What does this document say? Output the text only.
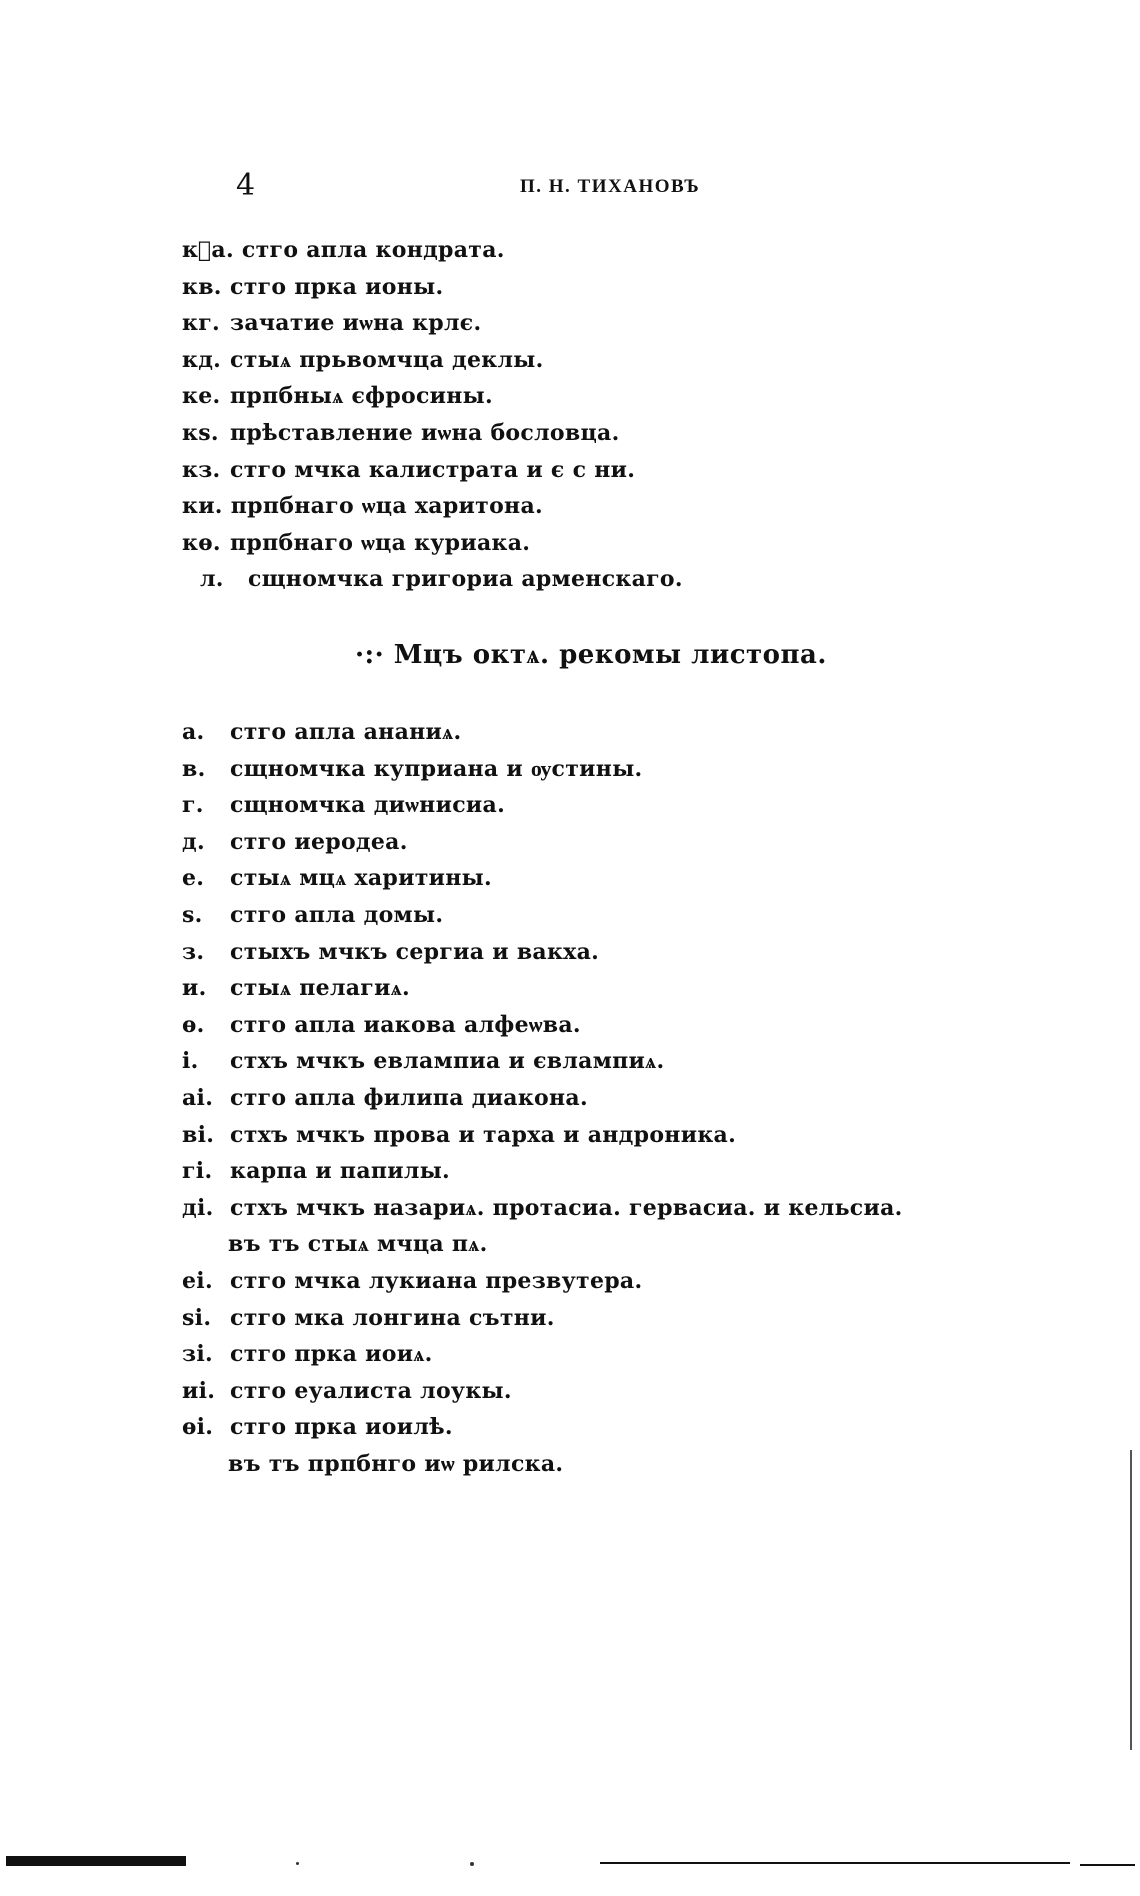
4	П. Н. ТИХАНОВЪ
кⷶа. стго апла кондрата.
кв. стго прка ионы.
кг. зачатие иѡна крлє.
кд. стыѧ прьвомчца деклы.
ке. прпбныѧ єфросины.
кѕ. прѣставление иѡна бословца.
кз. стго мчка калистрата и є с ни.
ки. прпбнаго ѡца харитона.
кѳ. прпбнаго ѡца куриака.
л. сщномчка григориа арменскаго.
·:· Мцъ октѧ. рекомы листопа.
а. стго апла ананиѧ.
в. сщномчка куприана и ѹстины.
г. сщномчка диѡнисиа.
д. стго иеродеа.
е. стыѧ мцѧ харитины.
ѕ. стго апла домы.
з. стыхъ мчкъ сергиа и вакха.
и. стыѧ пелагиѧ.
ѳ. стго апла иакова алфеѡва.
і. стхъ мчкъ евлампиа и євлампиѧ.
аі. стго апла филипа диакона.
ві. стхъ мчкъ прова и тарха и андроника.
гі. карпа и папилы.
ді. стхъ мчкъ назариѧ. протасиа. гервасиа. и кельсиа.
въ тъ стыѧ мчца пѧ.
еі. стго мчка лукиана презвутера.
ѕі. стго мка лонгина сътни.
зі. стго прка иоиѧ.
иі. стго еуалиста лоукы.
ѳі. стго прка иоилѣ.
въ тъ прпбнго иѡ рилска.
